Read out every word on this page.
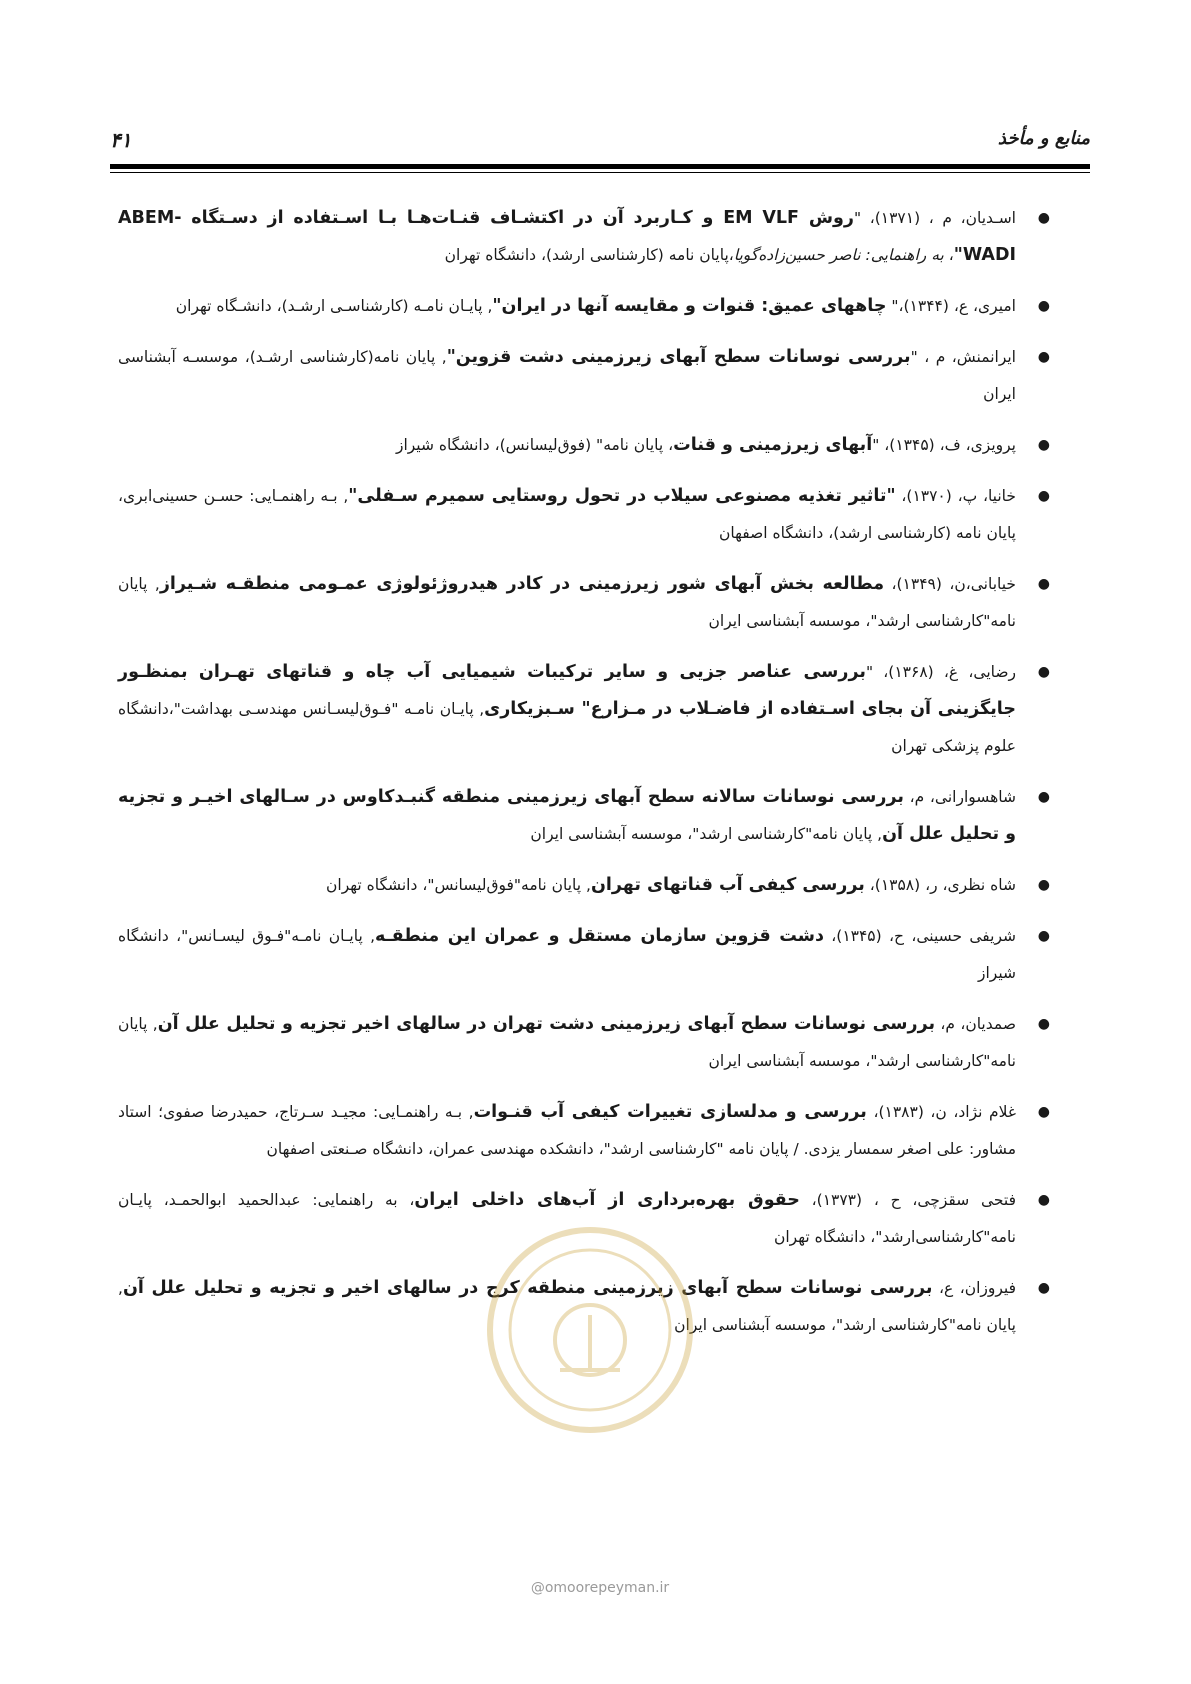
منابع و مأخذ
۴۱
●
اسـدیان، م ، (۱۳۷۱)، "روش EM VLF و کـاربرد آن در اکتشـاف قنـات‌هـا بـا اسـتفاده از دسـتگاه ABEM-WADI"، به راهنمایی: ناصر حسین‌زاده‌گویا،پایان نامه (کارشناسی ارشد)، دانشگاه تهران
●
امیری، ع، (۱۳۴۴)،" چاههای عمیق: قنوات و مقایسه آنها در ایران", پایـان نامـه (کارشناسـی ارشـد)، دانشـگاه تهران
●
ایرانمنش، م ، "بررسی نوسانات سطح آبهای زیرزمینی دشت قزوین", پایان نامه(کارشناسی ارشـد)، موسسـه آبشناسی ایران
●
پرویزی، ف، (۱۳۴۵)، "آبهای زیرزمینی و قنات، پایان نامه" (فوق‌لیسانس)، دانشگاه شیراز
●
خانیا، پ، (۱۳۷۰)، "تاثیر تغذیه مصنوعی سیلاب در تحول روستایی سمیرم سـفلی", بـه راهنمـایی: حسـن حسینی‌ابری، پایان نامه (کارشناسی ارشد)، دانشگاه اصفهان
●
خیابانی،ن، (۱۳۴۹)، مطالعه بخش آبهای شور زیرزمینی در کادر هیدروژئولوژی عمـومی منطقـه شـیراز, پایان نامه"کارشناسی ارشد"، موسسه آبشناسی ایران
●
رضایی، غ، (۱۳۶۸)، "بررسی عناصر جزیی و سایر ترکیبات شیمیایی آب چاه و قناتهای تهـران بمنظـور جایگزینی آن بجای اسـتفاده از فاضـلاب در مـزارع" سـبزیکاری, پایـان نامـه "فـوق‌لیسـانس مهندسـی بهداشت"،دانشگاه علوم پزشکی تهران
●
شاهسوارانی، م، بررسی نوسانات سالانه سطح آبهای زیرزمینی منطقه گنبـدکاوس در سـالهای اخیـر و تجزیه و تحلیل علل آن, پایان نامه"کارشناسی ارشد"، موسسه آبشناسی ایران
●
شاه نظری، ر، (۱۳۵۸)، بررسی کیفی آب قناتهای تهران, پایان نامه"فوق‌لیسانس"، دانشگاه تهران
●
شریفی حسینی، ح، (۱۳۴۵)، دشت قزوین سازمان مستقل و عمران این منطقـه, پایـان نامـه"فـوق لیسـانس"، دانشگاه شیراز
●
صمدیان، م، بررسی نوسانات سطح آبهای زیرزمینی دشت تهران در سالهای اخیر تجزیه و تحلیل علل آن, پایان نامه"کارشناسی ارشد"، موسسه آبشناسی ایران
●
غلام نژاد، ن، (۱۳۸۳)، بررسی و مدلسازی تغییرات کیفی آب قنـوات, بـه راهنمـایی: مجیـد سـرتاج، حمیدرضا صفوی؛ استاد مشاور: علی اصغر سمسار یزدی. / پایان نامه "کارشناسی ارشد"، دانشکده مهندسی عمران، دانشگاه صـنعتی اصفهان
●
فتحی سقزچی، ح ، (۱۳۷۳)، حقوق بهره‌برداری از آب‌های داخلی ایران، به راهنمایی: عبدالحمید ابوالحمـد، پایـان نامه"کارشناسی‌ارشد"، دانشگاه تهران
●
فیروزان، ع، بررسی نوسانات سطح آبهای زیرزمینی منطقه کرج در سالهای اخیر و تجزیه و تحلیل علل آن, پایان نامه"کارشناسی ارشد"، موسسه آبشناسی ایران
@omoorepeyman.ir
